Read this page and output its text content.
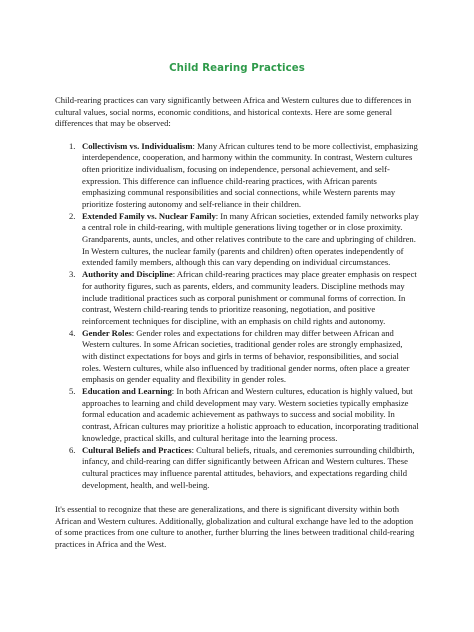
Child Rearing Practices

Child-rearing practices can vary significantly between Africa and Western cultures due to differences in cultural values, social norms, economic conditions, and historical contexts. Here are some general differences that may be observed:

1. Collectivism vs. Individualism: Many African cultures tend to be more collectivist, emphasizing interdependence, cooperation, and harmony within the community. In contrast, Western cultures often prioritize individualism, focusing on independence, personal achievement, and self-expression. This difference can influence child-rearing practices, with African parents emphasizing communal responsibilities and social connections, while Western parents may prioritize fostering autonomy and self-reliance in their children.
2. Extended Family vs. Nuclear Family: In many African societies, extended family networks play a central role in child-rearing, with multiple generations living together or in close proximity. Grandparents, aunts, uncles, and other relatives contribute to the care and upbringing of children. In Western cultures, the nuclear family (parents and children) often operates independently of extended family members, although this can vary depending on individual circumstances.
3. Authority and Discipline: African child-rearing practices may place greater emphasis on respect for authority figures, such as parents, elders, and community leaders. Discipline methods may include traditional practices such as corporal punishment or communal forms of correction. In contrast, Western child-rearing tends to prioritize reasoning, negotiation, and positive reinforcement techniques for discipline, with an emphasis on child rights and autonomy.
4. Gender Roles: Gender roles and expectations for children may differ between African and Western cultures. In some African societies, traditional gender roles are strongly emphasized, with distinct expectations for boys and girls in terms of behavior, responsibilities, and social roles. Western cultures, while also influenced by traditional gender norms, often place a greater emphasis on gender equality and flexibility in gender roles.
5. Education and Learning: In both African and Western cultures, education is highly valued, but approaches to learning and child development may vary. Western societies typically emphasize formal education and academic achievement as pathways to success and social mobility. In contrast, African cultures may prioritize a holistic approach to education, incorporating traditional knowledge, practical skills, and cultural heritage into the learning process.
6. Cultural Beliefs and Practices: Cultural beliefs, rituals, and ceremonies surrounding childbirth, infancy, and child-rearing can differ significantly between African and Western cultures. These cultural practices may influence parental attitudes, behaviors, and expectations regarding child development, health, and well-being.

It's essential to recognize that these are generalizations, and there is significant diversity within both African and Western cultures. Additionally, globalization and cultural exchange have led to the adoption of some practices from one culture to another, further blurring the lines between traditional child-rearing practices in Africa and the West.
